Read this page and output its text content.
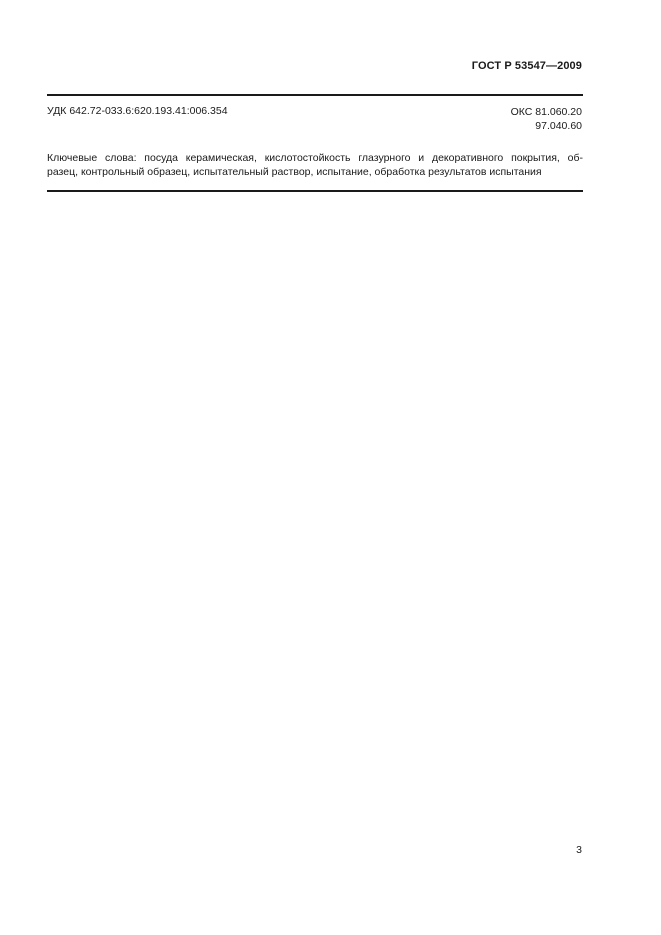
ГОСТ Р 53547—2009
УДК 642.72-033.6:620.193.41:006.354	ОКС 81.060.20
97.040.60
Ключевые слова: посуда керамическая, кислотостойкость глазурного и декоративного покрытия, об-
разец, контрольный образец, испытательный раствор, испытание, обработка результатов испытания
3
